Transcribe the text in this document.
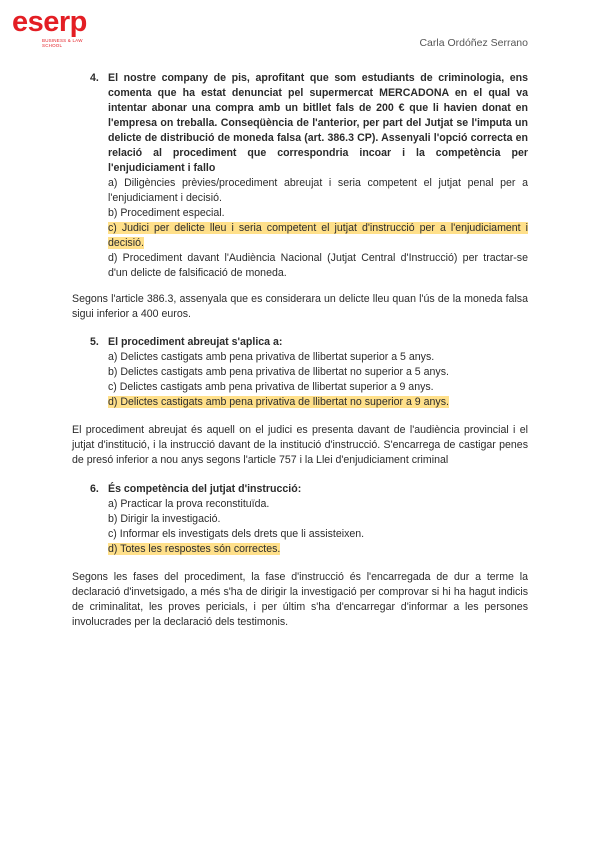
eserp
BUSINESS & LAW SCHOOL	Carla Ordóñez Serrano
4. El nostre company de pis, aprofitant que som estudiants de criminologia, ens comenta que ha estat denunciat pel supermercat MERCADONA en el qual va intentar abonar una compra amb un bitllet fals de 200 € que li havien donat en l'empresa on treballa. Conseqüència de l'anterior, per part del Jutjat se l'imputa un delicte de distribució de moneda falsa (art. 386.3 CP). Assenyali l'opció correcta en relació al procediment que correspondria incoar i la competència per l'enjudiciament i fallo
a) Diligències prèvies/procediment abreujat i seria competent el jutjat penal per a l'enjudiciament i decisió.
b) Procediment especial.
c) Judici per delicte lleu i seria competent el jutjat d'instrucció per a l'enjudiciament i decisió.
d) Procediment davant l'Audiència Nacional (Jutjat Central d'Instrucció) per tractar-se d'un delicte de falsificació de moneda.
Segons l'article 386.3, assenyala que es considerara un delicte lleu quan l'ús de la moneda falsa sigui inferior a 400 euros.
5. El procediment abreujat s'aplica a:
a) Delictes castigats amb pena privativa de llibertat superior a 5 anys.
b) Delictes castigats amb pena privativa de llibertat no superior a 5 anys.
c) Delictes castigats amb pena privativa de llibertat superior a 9 anys.
d) Delictes castigats amb pena privativa de llibertat no superior a 9 anys.
El procediment abreujat és aquell on el judici es presenta davant de l'audiència provincial i el jutjat d'institució, i la instrucció davant de la institució d'instrucció. S'encarrega de castigar penes de presó inferior a nou anys segons l'article 757 i la Llei d'enjudiciament criminal
6. És competència del jutjat d'instrucció:
a) Practicar la prova reconstituïda.
b) Dirigir la investigació.
c) Informar els investigats dels drets que li assisteixen.
d) Totes les respostes són correctes.
Segons les fases del procediment, la fase d'instrucció és l'encarregada de dur a terme la declaració d'invetsigado, a més s'ha de dirigir la investigació per comprovar si hi ha hagut indicis de criminalitat, les proves pericials, i per últim s'ha d'encarregar d'informar a les persones involucrades per la declaració dels testimonis.
